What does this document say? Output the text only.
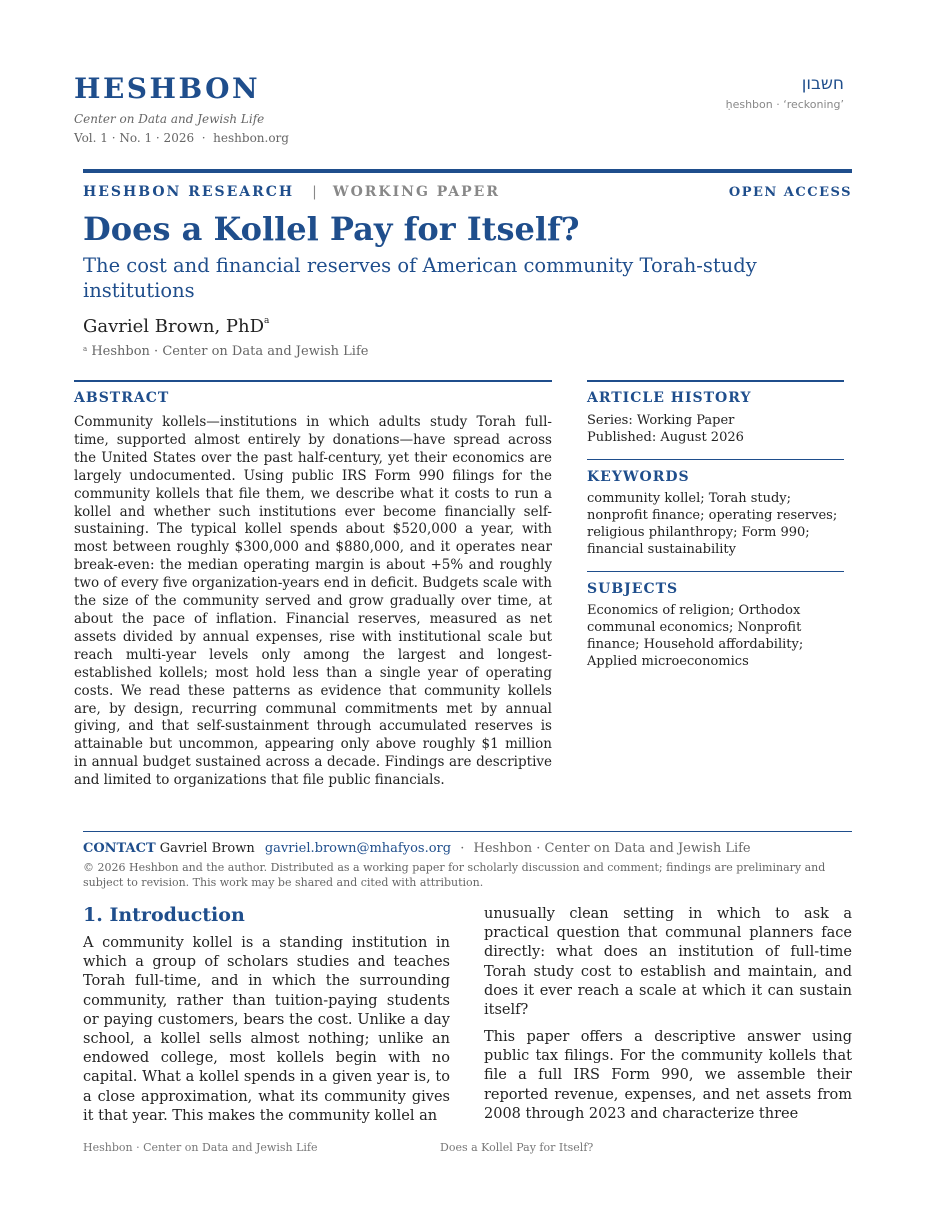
HESHBON
Center on Data and Jewish Life
Vol. 1 · No. 1 · 2026  ·  heshbon.org
חשבון
ḥeshbon · ‘reckoning’
HESHBON RESEARCH | WORKING PAPER	OPEN ACCESS
Does a Kollel Pay for Itself?
The cost and financial reserves of American community Torah-study institutions
Gavriel Brown, PhD$^a$
$^a$ Heshbon · Center on Data and Jewish Life
ABSTRACT
Community kollels—institutions in which adults study Torah full-time, supported almost entirely by donations—have spread across the United States over the past half-century, yet their economics are largely undocumented. Using public IRS Form 990 filings for the community kollels that file them, we describe what it costs to run a kollel and whether such institutions ever become financially self-sustaining. The typical kollel spends about $520,000 a year, with most between roughly $300,000 and $880,000, and it operates near break-even: the median operating margin is about +5% and roughly two of every five organization-years end in deficit. Budgets scale with the size of the community served and grow gradually over time, at about the pace of inflation. Financial reserves, measured as net assets divided by annual expenses, rise with institutional scale but reach multi-year levels only among the largest and longest-established kollels; most hold less than a single year of operating costs. We read these patterns as evidence that community kollels are, by design, recurring communal commitments met by annual giving, and that self-sustainment through accumulated reserves is attainable but uncommon, appearing only above roughly $1 million in annual budget sustained across a decade. Findings are descriptive and limited to organizations that file public financials.
ARTICLE HISTORY
Series: Working Paper
Published: August 2026
KEYWORDS
community kollel; Torah study; nonprofit finance; operating reserves; religious philanthropy; Form 990; financial sustainability
SUBJECTS
Economics of religion; Orthodox communal economics; Nonprofit finance; Household affordability; Applied microeconomics
CONTACT Gavriel Brown gavriel.brown@mhafyos.org · Heshbon · Center on Data and Jewish Life
© 2026 Heshbon and the author. Distributed as a working paper for scholarly discussion and comment; findings are preliminary and subject to revision. This work may be shared and cited with attribution.
1. Introduction
A community kollel is a standing institution in which a group of scholars studies and teaches Torah full-time, and in which the surrounding community, rather than tuition-paying students or paying customers, bears the cost. Unlike a day school, a kollel sells almost nothing; unlike an endowed college, most kollels begin with no capital. What a kollel spends in a given year is, to a close approximation, what its community gives it that year. This makes the community kollel an
unusually clean setting in which to ask a practical question that communal planners face directly: what does an institution of full-time Torah study cost to establish and maintain, and does it ever reach a scale at which it can sustain itself?
This paper offers a descriptive answer using public tax filings. For the community kollels that file a full IRS Form 990, we assemble their reported revenue, expenses, and net assets from 2008 through 2023 and characterize three
Heshbon · Center on Data and Jewish Life	Does a Kollel Pay for Itself?
